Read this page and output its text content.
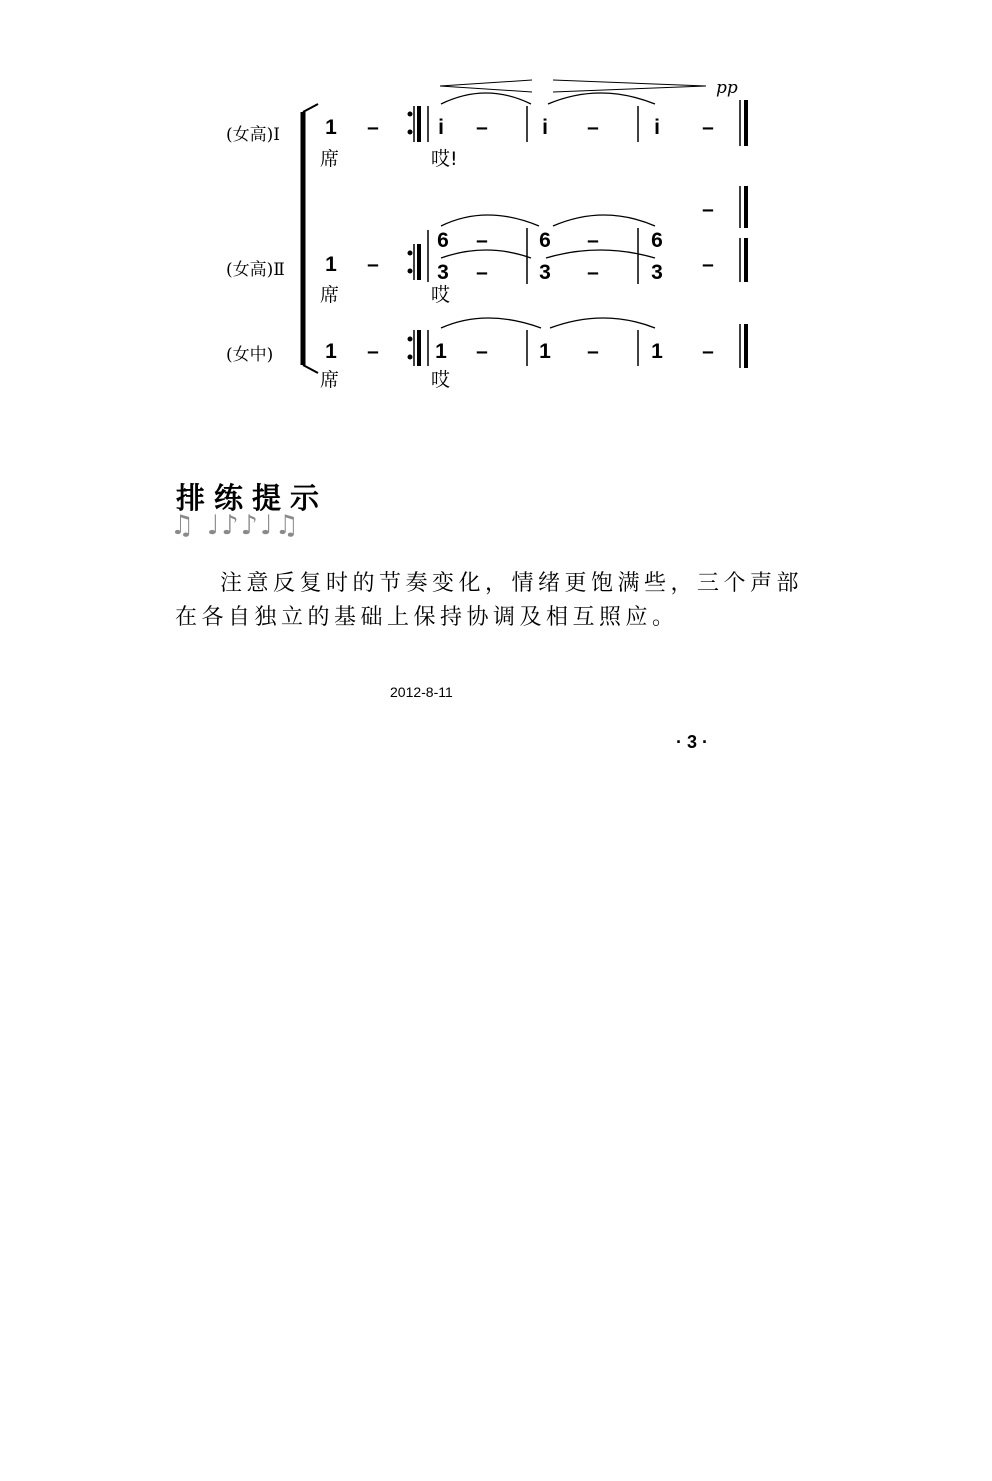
pp
(女高)Ⅰ
(女高)Ⅱ
(女中)
1 –	i –	i –	i –
席	哎!
–
6 – 6 – 6
1 –	3 – 3 – 3 –
席	哎
1 –	1 – 1 – 1 –
席	哎
排练提示
♫ ♩♪♪♩♫
注意反复时的节奏变化，情绪更饱满些，三个声部
在各自独立的基础上保持协调及相互照应。
2012-8-11
· 3 ·
